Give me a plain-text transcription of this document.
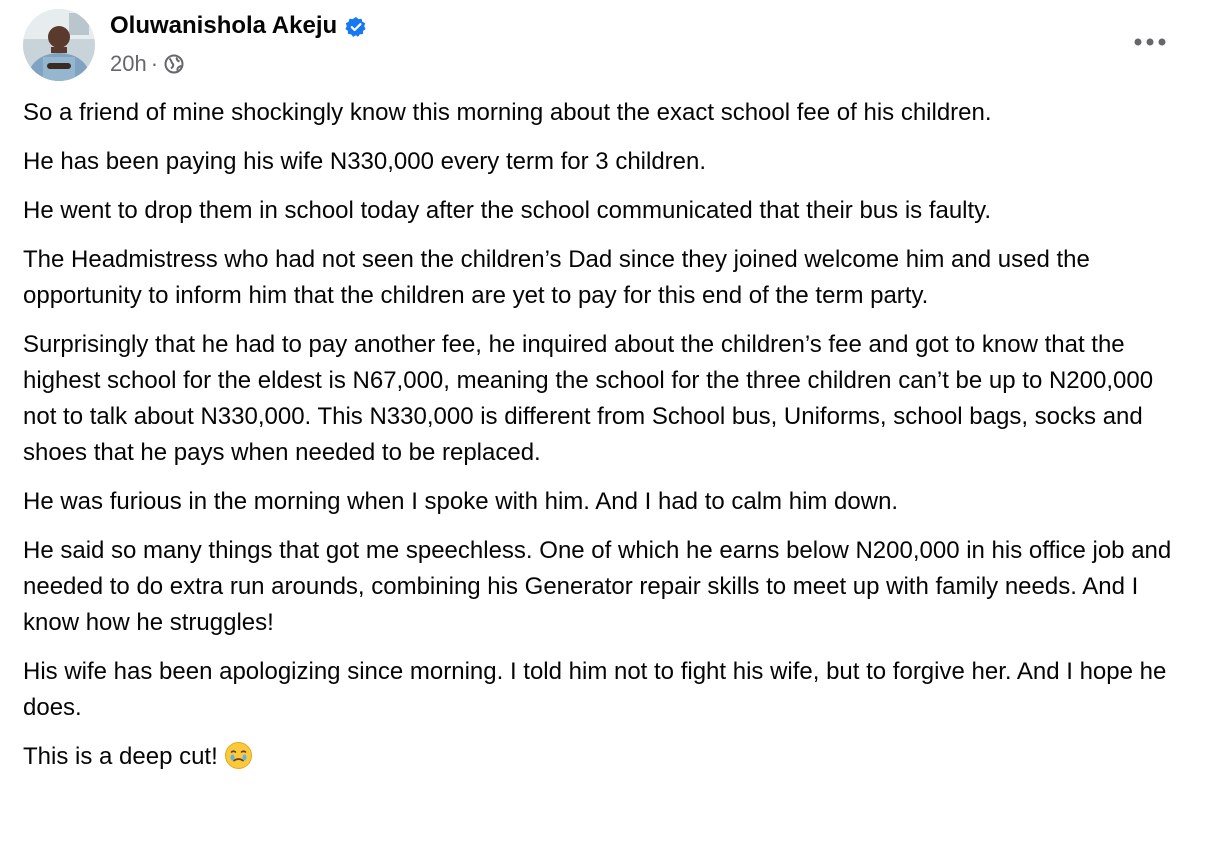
Oluwanishola Akeju
20h ·

So a friend of mine shockingly know this morning about the exact school fee of his children.

He has been paying his wife N330,000 every term for 3 children.

He went to drop them in school today after the school communicated that their bus is faulty.

The Headmistress who had not seen the children’s Dad since they joined welcome him and used the opportunity to inform him that the children are yet to pay for this end of the term party.

Surprisingly that he had to pay another fee, he inquired about the children’s fee and got to know that the highest school for the eldest is N67,000, meaning the school for the three children can’t be up to N200,000 not to talk about N330,000. This N330,000 is different from School bus, Uniforms, school bags, socks and shoes that he pays when needed to be replaced.

He was furious in the morning when I spoke with him. And I had to calm him down.

He said so many things that got me speechless. One of which he earns below N200,000 in his office job and needed to do extra run arounds, combining his Generator repair skills to meet up with family needs. And I know how he struggles!

His wife has been apologizing since morning. I told him not to fight his wife, but to forgive her. And I hope he does.

This is a deep cut!
